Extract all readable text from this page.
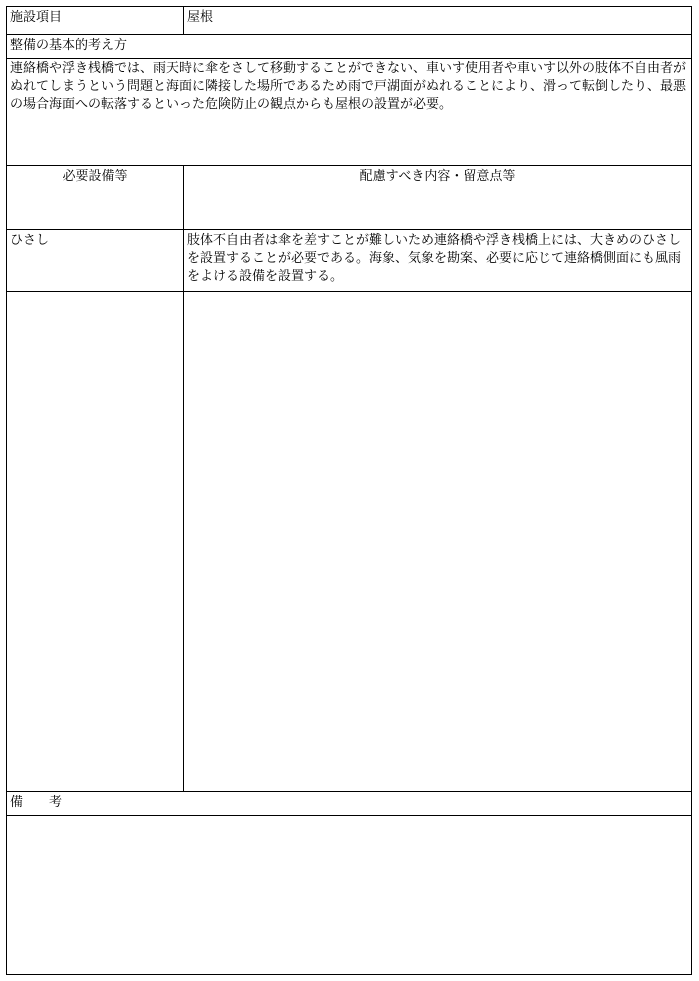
施設項目	屋根
整備の基本的考え方
連絡橋や浮き桟橋では、雨天時に傘をさして移動することができない、車いす使用者や車いす以外の肢体不自由者がぬれてしまうという問題と海面に隣接した場所であるため雨で戸湖面がぬれることにより、滑って転倒したり、最悪の場合海面への転落するといった危険防止の観点からも屋根の設置が必要。
必要設備等	配慮すべき内容・留意点等
ひさし	肢体不自由者は傘を差すことが難しいため連絡橋や浮き桟橋上には、大きめのひさしを設置することが必要である。海象、気象を勘案、必要に応じて連絡橋側面にも風雨をよける設備を設置する。
備　　考
